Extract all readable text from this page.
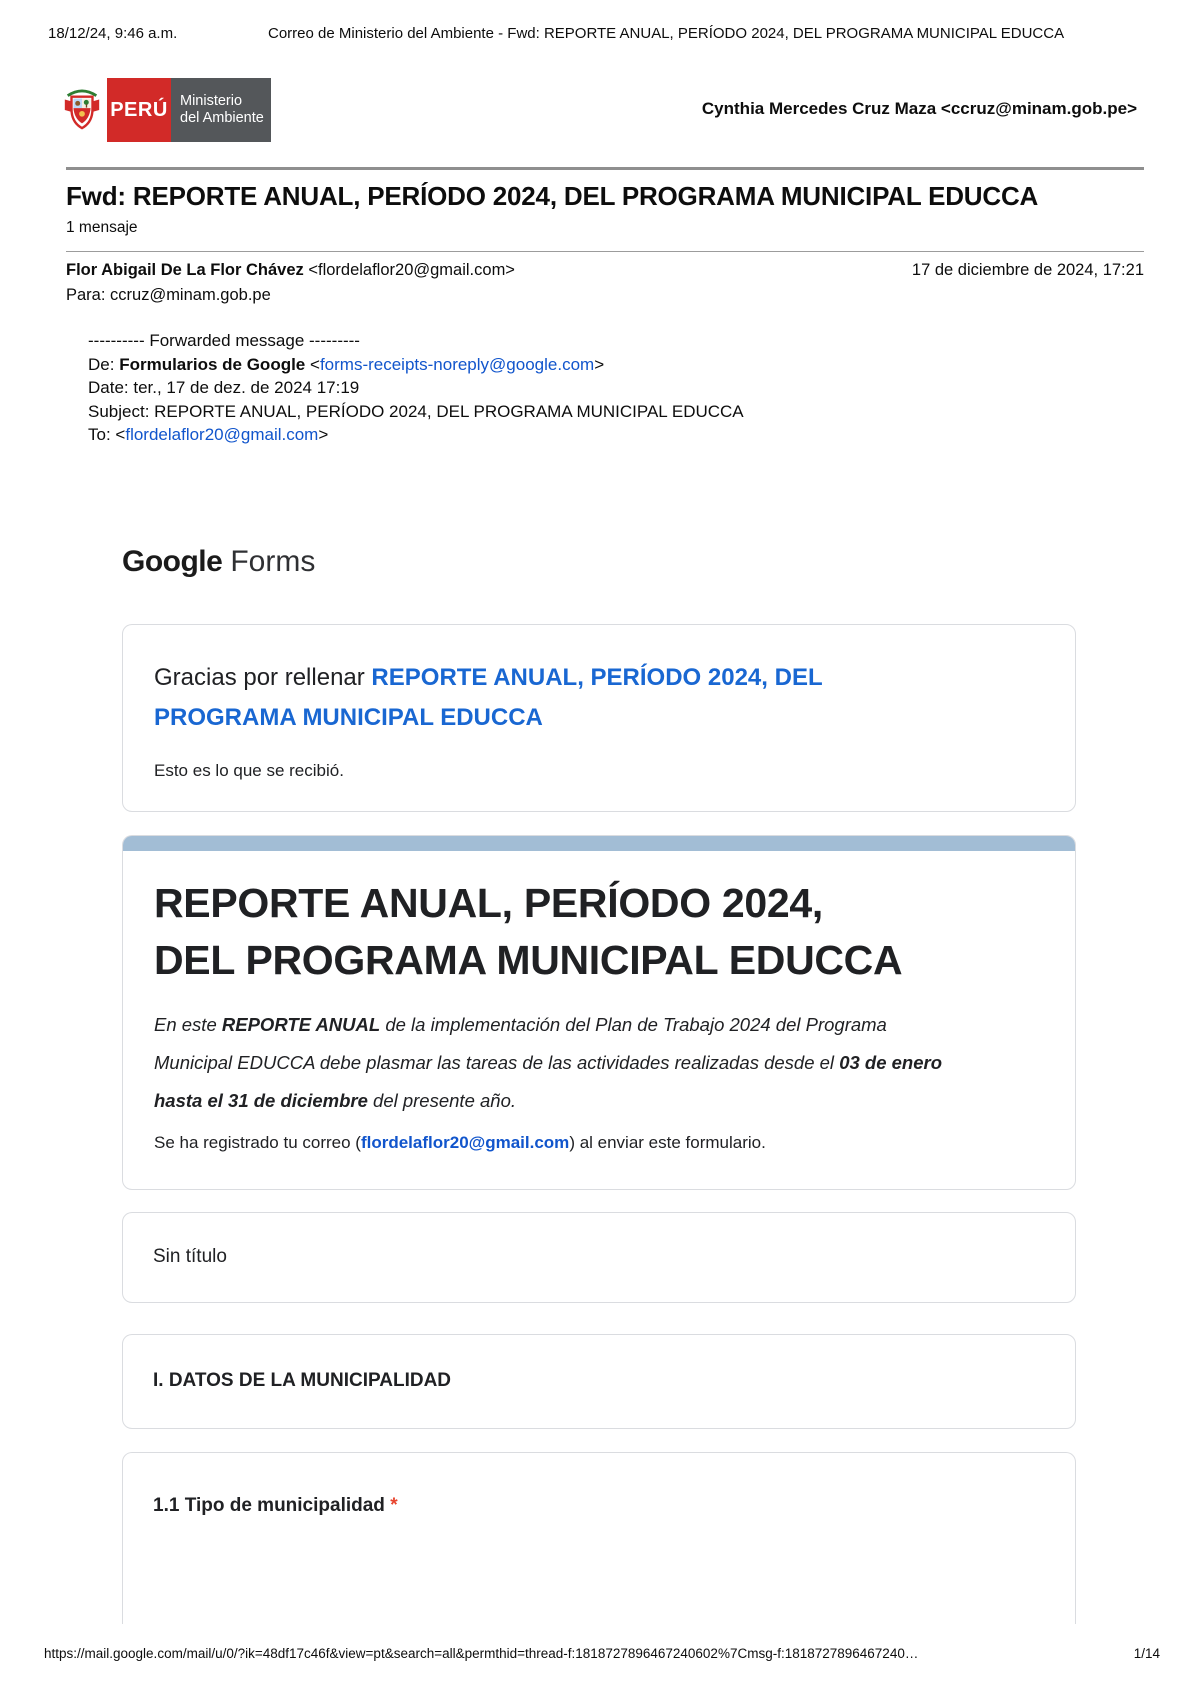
18/12/24, 9:46 a.m.	Correo de Ministerio del Ambiente - Fwd: REPORTE ANUAL, PERÍODO 2024, DEL PROGRAMA MUNICIPAL EDUCCA
PERÚ Ministerio
del Ambiente	Cynthia Mercedes Cruz Maza <ccruz@minam.gob.pe>
Fwd: REPORTE ANUAL, PERÍODO 2024, DEL PROGRAMA MUNICIPAL EDUCCA
1 mensaje
Flor Abigail De La Flor Chávez <flordelaflor20@gmail.com>	17 de diciembre de 2024, 17:21
Para: ccruz@minam.gob.pe
---------- Forwarded message ---------
De: Formularios de Google <forms-receipts-noreply@google.com>
Date: ter., 17 de dez. de 2024 17:19
Subject: REPORTE ANUAL, PERÍODO 2024, DEL PROGRAMA MUNICIPAL EDUCCA
To: <flordelaflor20@gmail.com>
Google Forms
Gracias por rellenar REPORTE ANUAL, PERÍODO 2024, DEL
PROGRAMA MUNICIPAL EDUCCA
Esto es lo que se recibió.
REPORTE ANUAL, PERÍODO 2024,
DEL PROGRAMA MUNICIPAL EDUCCA
En este REPORTE ANUAL de la implementación del Plan de Trabajo 2024 del Programa
Municipal EDUCCA debe plasmar las tareas de las actividades realizadas desde el 03 de enero
hasta el 31 de diciembre del presente año.
Se ha registrado tu correo (flordelaflor20@gmail.com) al enviar este formulario.
Sin título
I. DATOS DE LA MUNICIPALIDAD
1.1 Tipo de municipalidad *
https://mail.google.com/mail/u/0/?ik=48df17c46f&view=pt&search=all&permthid=thread-f:1818727896467240602%7Cmsg-f:1818727896467240…	1/14
